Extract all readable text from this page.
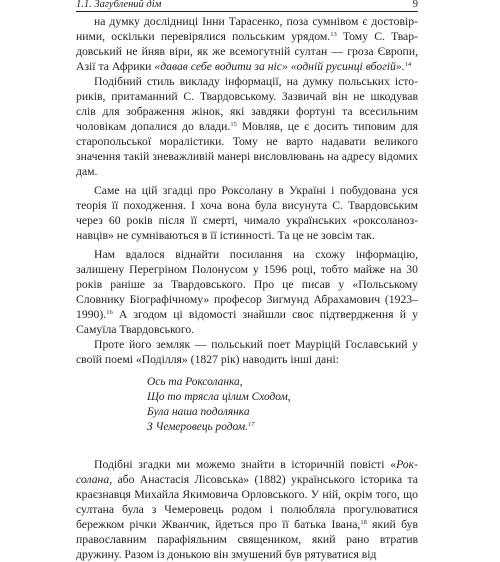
1.1. Загублений дім	9

на думку дослідниці Інни Тарасенко, поза сумнівом є достовірними, оскільки перевірялися польським урядом.$^{13}$ Тому С. Твардовський не йняв віри, як же всемогутній султан — гроза Європи, Азії та Африки «давав себе водити за ніс» «одній русинці вбогій».$^{14}$

Подібний стиль викладу інформації, на думку польських істориків, притаманний С. Твардовському. Зазвичай він не шкодував слів для зображення жінок, які завдяки фортуні та всесильним чоловікам допалися до влади.$^{15}$ Мовляв, це є досить типовим для старопольської моралістики. Тому не варто надавати великого значення такій зневажливій манері висловлювань на адресу відомих дам.

Саме на цій згадці про Роксолану в Україні і побудована уся теорія її походження. І хоча вона була висунута С. Твардовським через 60 років після її смерті, чимало українських «роксоланознавців» не сумніваються в її істинності. Та це не зовсім так.

Нам вдалося віднайти посилання на схожу інформацію, залишену Перегріном Полонусом у 1596 році, тобто майже на 30 років раніше за Твардовського. Про це писав у «Польському Словнику Біографічному» професор Зигмунд Абрахамович (1923–1990).$^{16}$ А згодом ці відомості знайшли своє підтвердження й у Самуїла Твардовського.

Проте його земляк — польський поет Мауріцій Гославський у своїй поемі «Поділля» (1827 рік) наводить інші дані:

Ось та Роксоланка,
Що то трясла цілим Сходом,
Була наша подолянка
З Чемеровець родом.$^{17}$

Подібні згадки ми можемо знайти в історичній повісті «Роксолана, або Анастасія Лісовська» (1882) українського історика та краєзнавця Михайла Якимовича Орловського. У ній, окрім того, що султана була з Чемеровець родом і полюбляла прогулюватися бережком річки Жванчик, йдеться про її батька Івана,$^{18}$ який був православним парафіяльним священиком, який рано втратив дружину. Разом із донькою він змушений був рятуватися від
